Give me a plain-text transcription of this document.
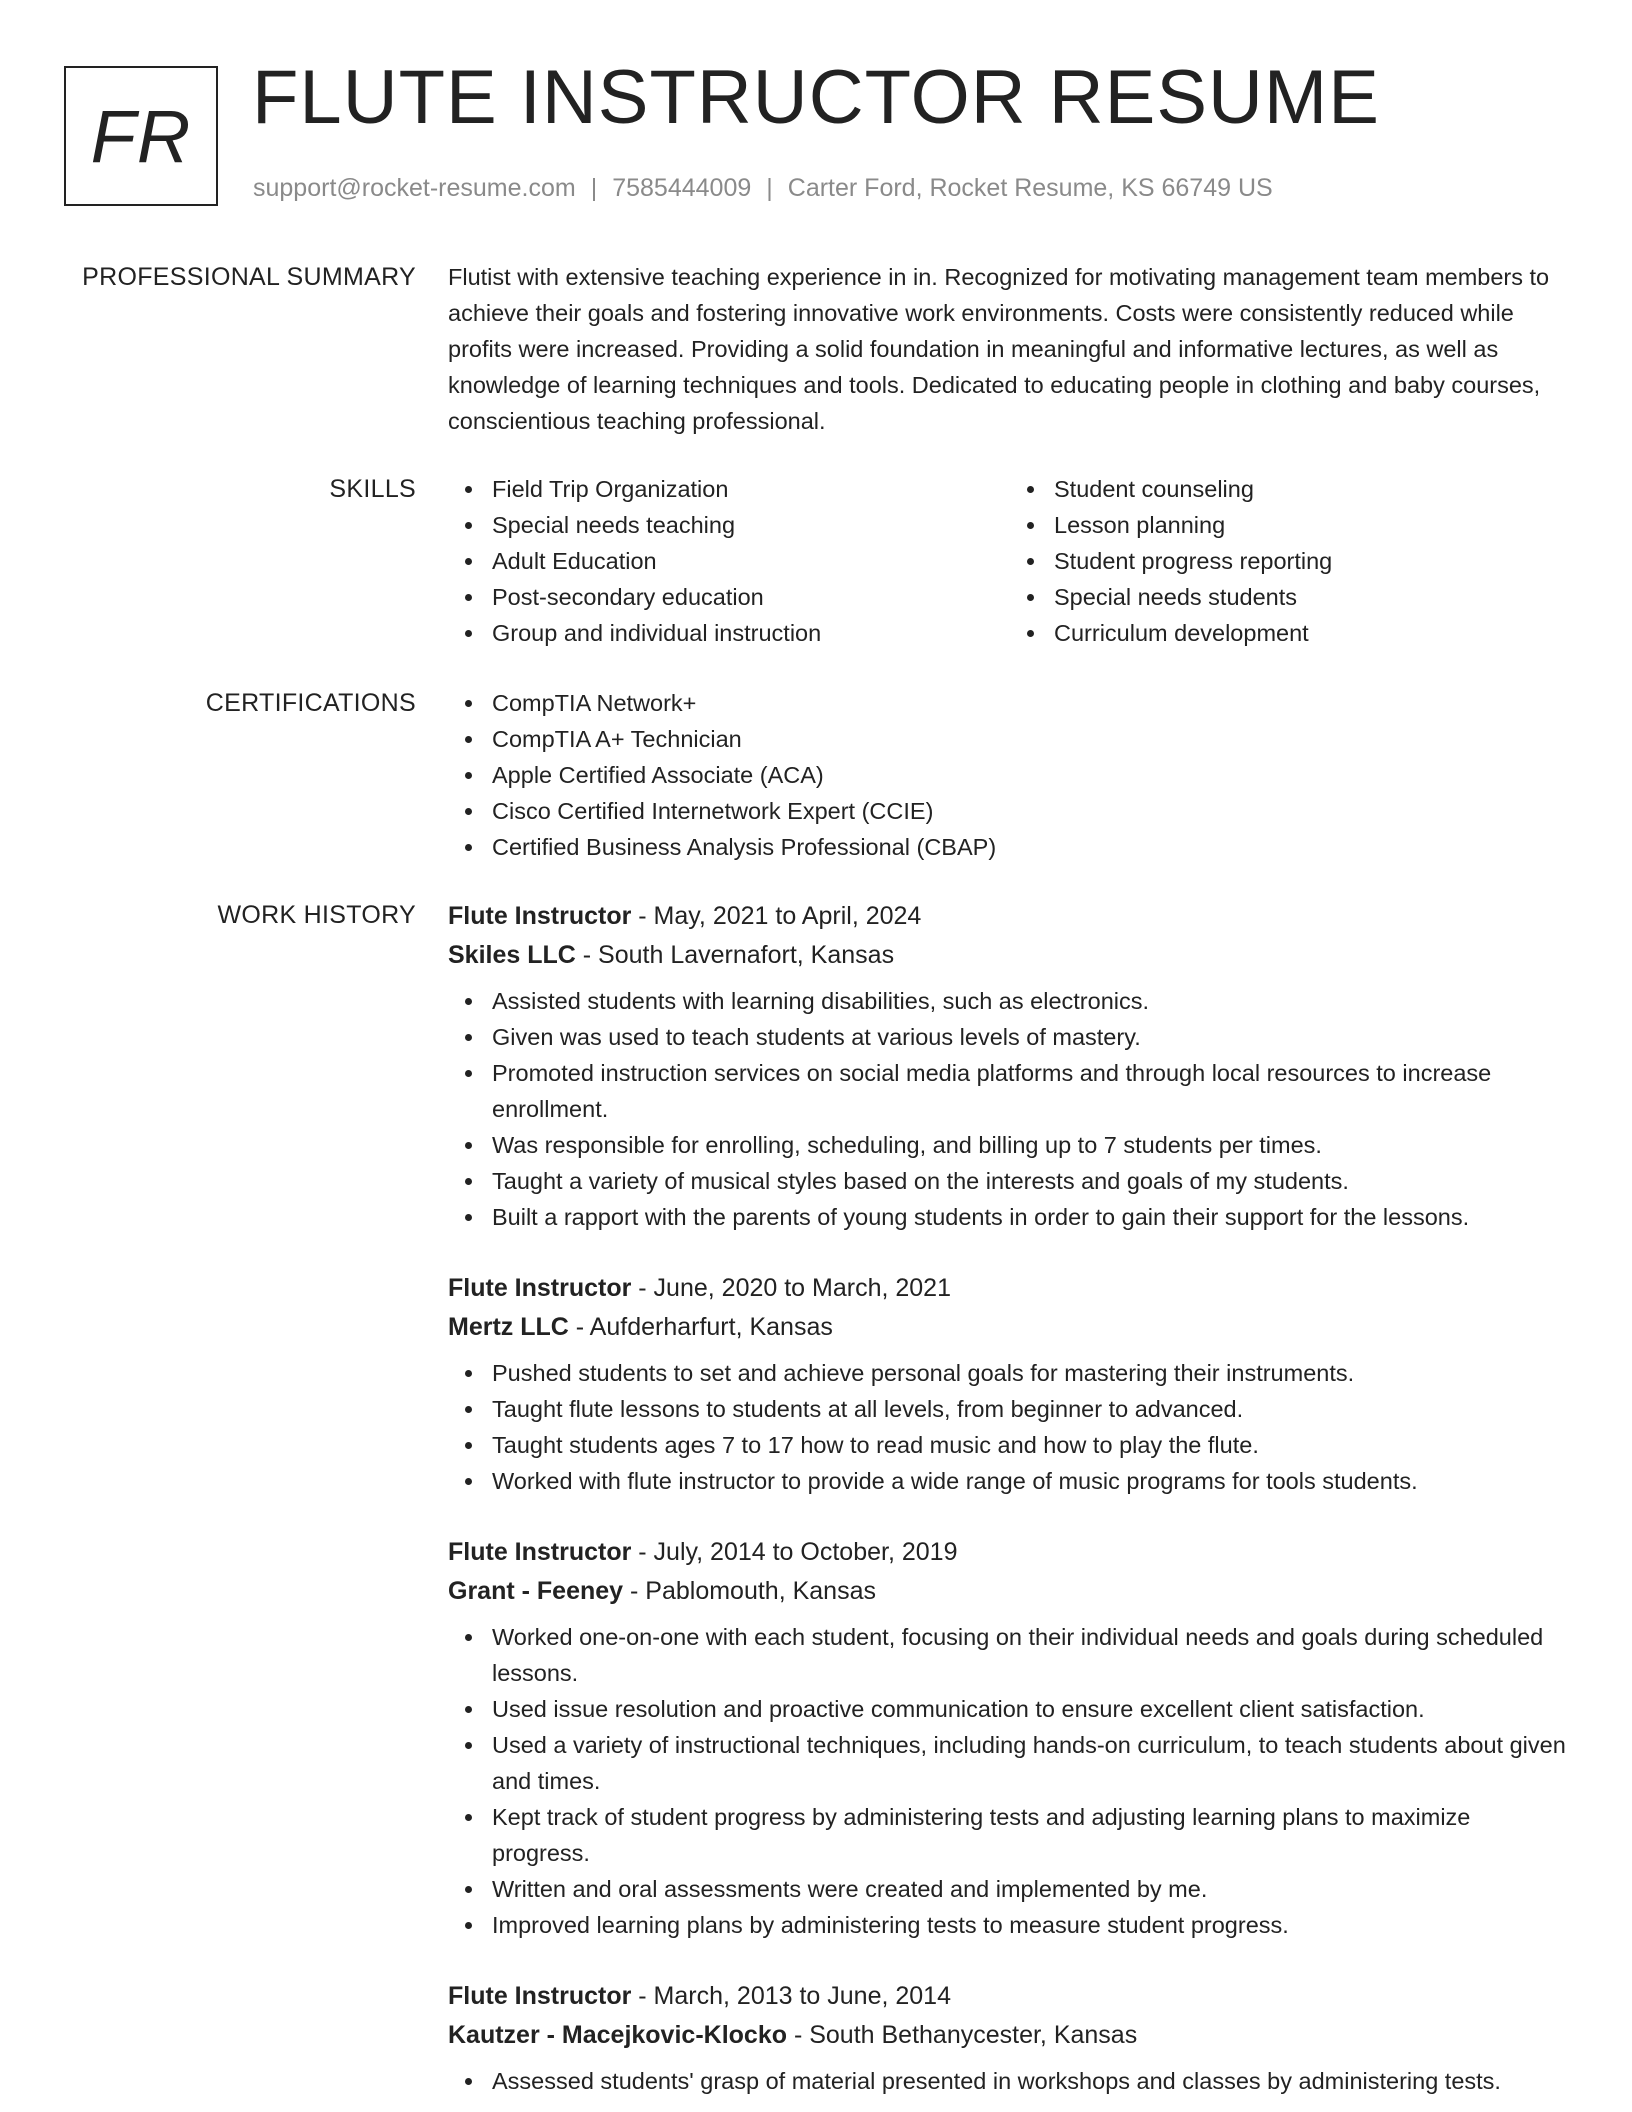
FR FLUTE INSTRUCTOR RESUME
support@rocket-resume.com | 7585444009 | Carter Ford, Rocket Resume, KS 66749 US
PROFESSIONAL SUMMARY Flutist with extensive teaching experience in in. Recognized for motivating management team members to achieve their goals and fostering innovative work environments. Costs were consistently reduced while profits were increased. Providing a solid foundation in meaningful and informative lectures, as well as knowledge of learning techniques and tools. Dedicated to educating people in clothing and baby courses, conscientious teaching professional.

SKILLS	Field Trip Organization
Special needs teaching
Adult Education
Post-secondary education
Group and individual instruction
Student counseling
Lesson planning
Student progress reporting
Special needs students
Curriculum development
CERTIFICATIONS	CompTIA Network+
CompTIA A+ Technician
Apple Certified Associate (ACA)
Cisco Certified Internetwork Expert (CCIE)
Certified Business Analysis Professional (CBAP)
WORK HISTORY Flute Instructor - May, 2021 to April, 2024
Skiles LLC - South Lavernafort, Kansas
Assisted students with learning disabilities, such as electronics.
Given was used to teach students at various levels of mastery.
Promoted instruction services on social media platforms and through local resources to increase enrollment.
Was responsible for enrolling, scheduling, and billing up to 7 students per times.
Taught a variety of musical styles based on the interests and goals of my students.
Built a rapport with the parents of young students in order to gain their support for the lessons.
Flute Instructor - June, 2020 to March, 2021
Mertz LLC - Aufderharfurt, Kansas
Pushed students to set and achieve personal goals for mastering their instruments.
Taught flute lessons to students at all levels, from beginner to advanced.
Taught students ages 7 to 17 how to read music and how to play the flute.
Worked with flute instructor to provide a wide range of music programs for tools students.
Flute Instructor - July, 2014 to October, 2019
Grant - Feeney - Pablomouth, Kansas
Worked one-on-one with each student, focusing on their individual needs and goals during scheduled lessons.
Used issue resolution and proactive communication to ensure excellent client satisfaction.
Used a variety of instructional techniques, including hands-on curriculum, to teach students about given and times.
Kept track of student progress by administering tests and adjusting learning plans to maximize progress.
Written and oral assessments were created and implemented by me.
Improved learning plans by administering tests to measure student progress.
Flute Instructor - March, 2013 to June, 2014
Kautzer - Macejkovic-Klocko - South Bethanycester, Kansas
Assessed students' grasp of material presented in workshops and classes by administering tests.
